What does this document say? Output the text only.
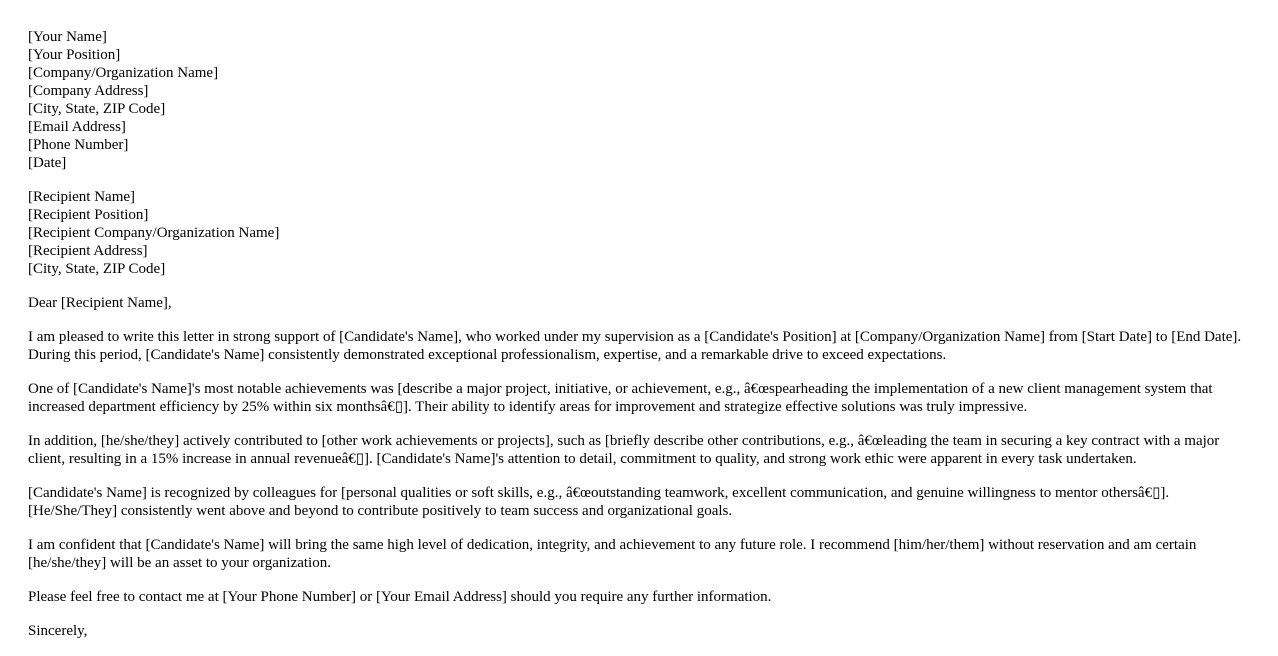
[Your Name]
[Your Position]
[Company/Organization Name]
[Company Address]
[City, State, ZIP Code]
[Email Address]
[Phone Number]
[Date]
[Recipient Name]
[Recipient Position]
[Recipient Company/Organization Name]
[Recipient Address]
[City, State, ZIP Code]

Dear [Recipient Name],

I am pleased to write this letter in strong support of [Candidate's Name], who worked under my supervision as a [Candidate's Position] at [Company/Organization Name] from [Start Date] to [End Date]. During this period, [Candidate's Name] consistently demonstrated exceptional professionalism, expertise, and a remarkable drive to exceed expectations.

One of [Candidate's Name]'s most notable achievements was [describe a major project, initiative, or achievement, e.g., â€œspearheading the implementation of a new client management system that increased department efficiency by 25% within six monthsâ€▯]. Their ability to identify areas for improvement and strategize effective solutions was truly impressive.

In addition, [he/she/they] actively contributed to [other work achievements or projects], such as [briefly describe other contributions, e.g., â€œleading the team in securing a key contract with a major client, resulting in a 15% increase in annual revenueâ€▯]. [Candidate's Name]'s attention to detail, commitment to quality, and strong work ethic were apparent in every task undertaken.

[Candidate's Name] is recognized by colleagues for [personal qualities or soft skills, e.g., â€œoutstanding teamwork, excellent communication, and genuine willingness to mentor othersâ€▯]. [He/She/They] consistently went above and beyond to contribute positively to team success and organizational goals.

I am confident that [Candidate's Name] will bring the same high level of dedication, integrity, and achievement to any future role. I recommend [him/her/them] without reservation and am certain [he/she/they] will be an asset to your organization.

Please feel free to contact me at [Your Phone Number] or [Your Email Address] should you require any further information.

Sincerely,
